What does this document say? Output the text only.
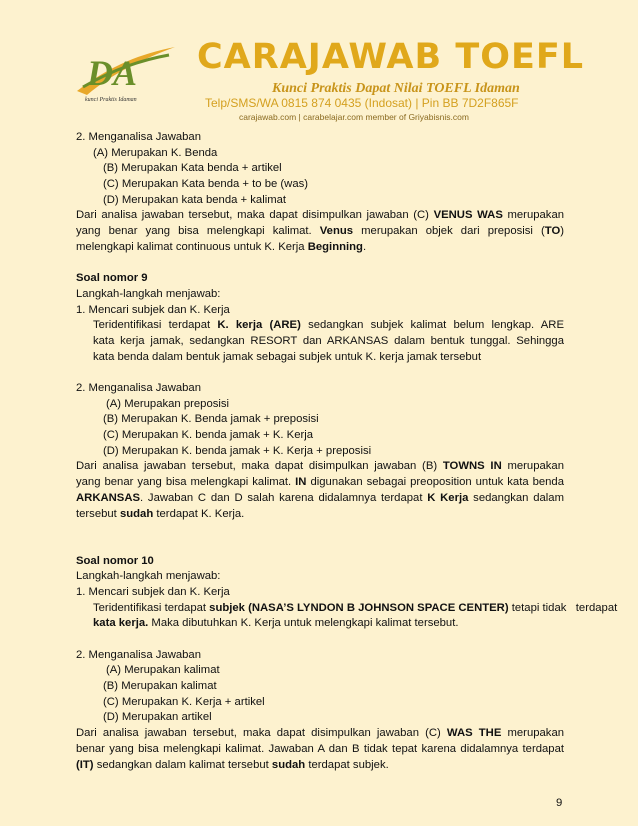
DA
kunci Praktis Idaman
CARAJAWAB TOEFL
Kunci Praktis Dapat Nilai TOEFL Idaman
Telp/SMS/WA 0815 874 0435 (Indosat) | Pin BB 7D2F865F
carajawab.com | carabelajar.com member of Griyabisnis.com
2. Menganalisa Jawaban
(A) Merupakan K. Benda
(B) Merupakan Kata benda + artikel
(C) Merupakan Kata benda + to be (was)
(D) Merupakan kata benda + kalimat
Dari analisa jawaban tersebut, maka dapat disimpulkan jawaban (C) VENUS WAS merupakan
yang benar yang bisa melengkapi kalimat. Venus merupakan objek dari preposisi (TO)
melengkapi kalimat continuous untuk K. Kerja Beginning.
Soal nomor 9
Langkah-langkah menjawab:
1. Mencari subjek dan K. Kerja
Teridentifikasi terdapat K. kerja (ARE) sedangkan subjek kalimat belum lengkap. ARE
kata kerja jamak, sedangkan RESORT dan ARKANSAS dalam bentuk tunggal. Sehingga
kata benda dalam bentuk jamak sebagai subjek untuk K. kerja jamak tersebut
2. Menganalisa Jawaban
(A) Merupakan preposisi
(B) Merupakan K. Benda jamak + preposisi
(C) Merupakan K. benda jamak + K. Kerja
(D) Merupakan K. benda jamak + K. Kerja + preposisi
Dari analisa jawaban tersebut, maka dapat disimpulkan jawaban (B) TOWNS IN merupakan
yang benar yang bisa melengkapi kalimat. IN digunakan sebagai preoposition untuk kata benda
ARKANSAS. Jawaban C dan D salah karena didalamnya terdapat K Kerja sedangkan dalam
tersebut sudah terdapat K. Kerja.
Soal nomor 10
Langkah-langkah menjawab:
1. Mencari subjek dan K. Kerja
Teridentifikasi terdapat subjek (NASA’S LYNDON B JOHNSON SPACE CENTER) tetapi tidak   terdapat
kata kerja. Maka dibutuhkan K. Kerja untuk melengkapi kalimat tersebut.
2. Menganalisa Jawaban
(A) Merupakan kalimat
(B) Merupakan kalimat
(C) Merupakan K. Kerja + artikel
(D) Merupakan artikel
Dari analisa jawaban tersebut, maka dapat disimpulkan jawaban (C) WAS THE merupakan
benar yang bisa melengkapi kalimat. Jawaban A dan B tidak tepat karena didalamnya terdapat
(IT) sedangkan dalam kalimat tersebut sudah terdapat subjek.
9
